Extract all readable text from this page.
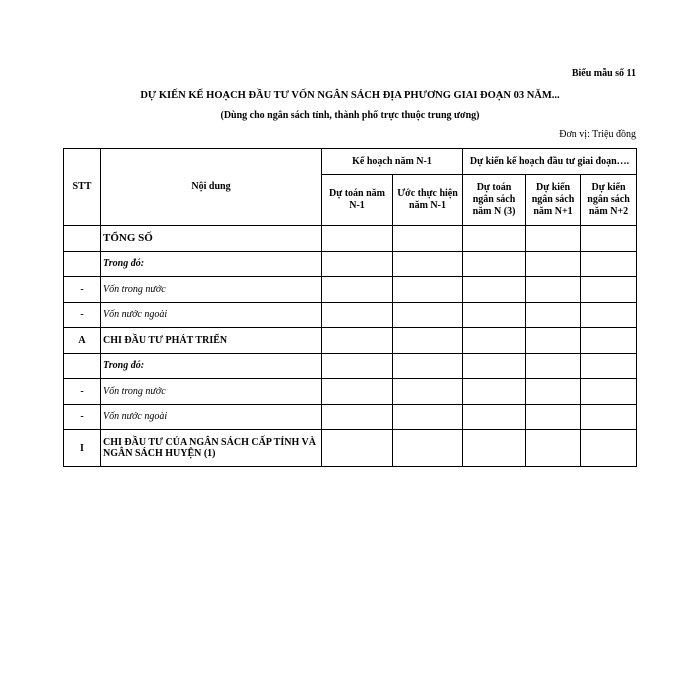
Biểu mẫu số 11
DỰ KIẾN KẾ HOẠCH ĐẦU TƯ VỐN NGÂN SÁCH ĐỊA PHƯƠNG GIAI ĐOẠN 03 NĂM...
(Dùng cho ngân sách tỉnh, thành phố trực thuộc trung ương)
Đơn vị: Triệu đồng
STT	Nội dung	Kế hoạch năm N-1		Dự kiến kế hoạch đầu tư giai đoạn….		
		Dự toán năm N-1	Ước thực hiện năm N-1	Dự toán ngân sách năm N (3)	Dự kiến ngân sách năm N+1	Dự kiến ngân sách năm N+2
	TỔNG SỐ					
	Trong đó:					
-	Vốn trong nước					
-	Vốn nước ngoài					
A	CHI ĐẦU TƯ PHÁT TRIỂN					
	Trong đó:					
-	Vốn trong nước					
-	Vốn nước ngoài					
I	CHI ĐẦU TƯ CỦA NGÂN SÁCH CẤP TỈNH VÀ NGÂN SÁCH HUYỆN (1)					
